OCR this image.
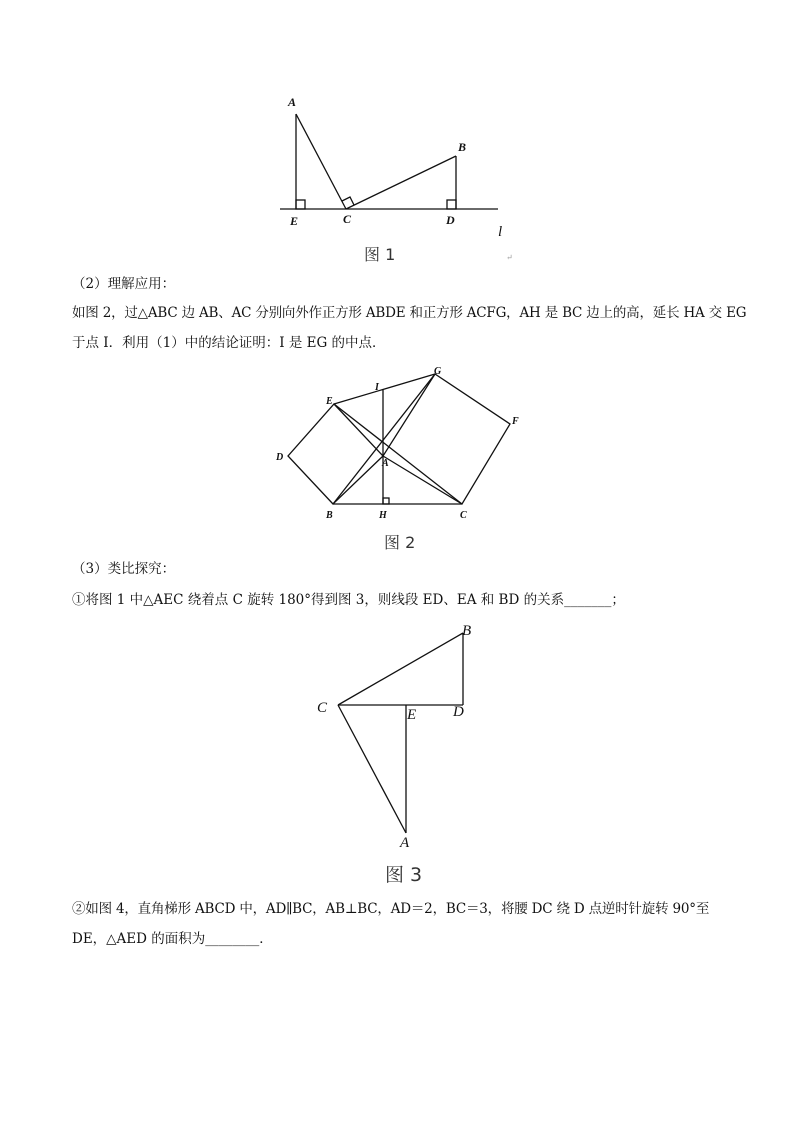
A
B
C	D
E
l
↵
图 1
（2）理解应用：
如图 2，过△ABC 边 AB、AC 分别向外作正方形 ABDE 和正方形 ACFG，AH 是 BC 边上的高，延长 HA 交 EG
于点 I．利用（1）中的结论证明：I 是 EG 的中点．
A
B	C
D
E
F
G
H
I
图 2
（3）类比探究：
①将图 1 中△AEC 绕着点 C 旋转 180°得到图 3，则线段 ED、EA 和 BD 的关系_______；
A
B
C	D
E
图 3
②如图 4，直角梯形 ABCD 中，AD∥BC，AB⊥BC，AD＝2，BC＝3，将腰 DC 绕 D 点逆时针旋转 90°至
DE，△AED 的面积为________．
